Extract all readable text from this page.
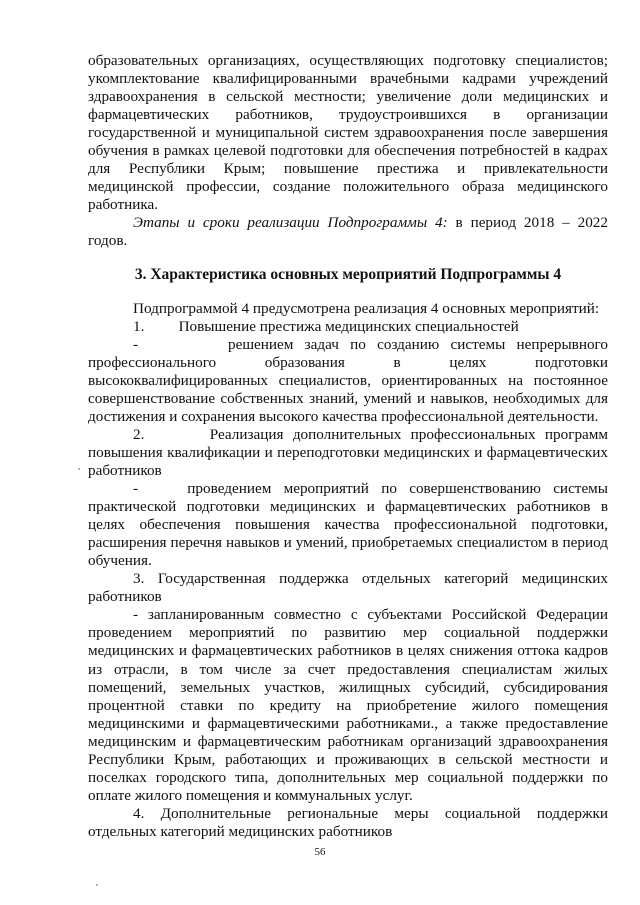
образовательных организациях, осуществляющих подготовку специалистов; укомплектование квалифицированными врачебными кадрами учреждений здравоохранения в сельской местности; увеличение доли медицинских и фармацевтических работников, трудоустроившихся в организации государственной и муниципальной систем здравоохранения после завершения обучения в рамках целевой подготовки для обеспечения потребностей в кадрах для Республики Крым; повышение престижа и привлекательности медицинской профессии, создание положительного образа медицинского работника.

Этапы и сроки реализации Подпрограммы 4: в период 2018 – 2022 годов.

3. Характеристика основных мероприятий Подпрограммы 4

Подпрограммой 4 предусмотрена реализация 4 основных мероприятий:

1.         Повышение престижа медицинских специальностей

-        решением задач по созданию системы непрерывного профессионального образования в целях подготовки высококвалифицированных специалистов, ориентированных на постоянное совершенствование собственных знаний, умений и навыков, необходимых для достижения и сохранения высокого качества профессиональной деятельности.

2.       Реализация дополнительных профессиональных программ повышения квалификации и переподготовки медицинских и фармацевтических работников

-    проведением мероприятий по совершенствованию системы практической подготовки медицинских и фармацевтических работников в целях обеспечения повышения качества профессиональной подготовки, расширения перечня навыков и умений, приобретаемых специалистом в период обучения.

3. Государственная поддержка отдельных категорий медицинских работников

- запланированным совместно с субъектами Российской Федерации проведением мероприятий по развитию мер социальной поддержки медицинских и фармацевтических работников в целях снижения оттока кадров из отрасли, в том числе за счет предоставления специалистам жилых помещений, земельных участков, жилищных субсидий, субсидирования процентной ставки по кредиту на приобретение жилого помещения медицинскими и фармацевтическими работниками., а также предоставление медицинским и фармацевтическим работникам организаций здравоохранения Республики Крым, работающих и проживающих в сельской местности и поселках городского типа, дополнительных мер социальной поддержки по оплате жилого помещения и коммунальных услуг.

4. Дополнительные региональные меры социальной поддержки отдельных категорий медицинских работников

56
